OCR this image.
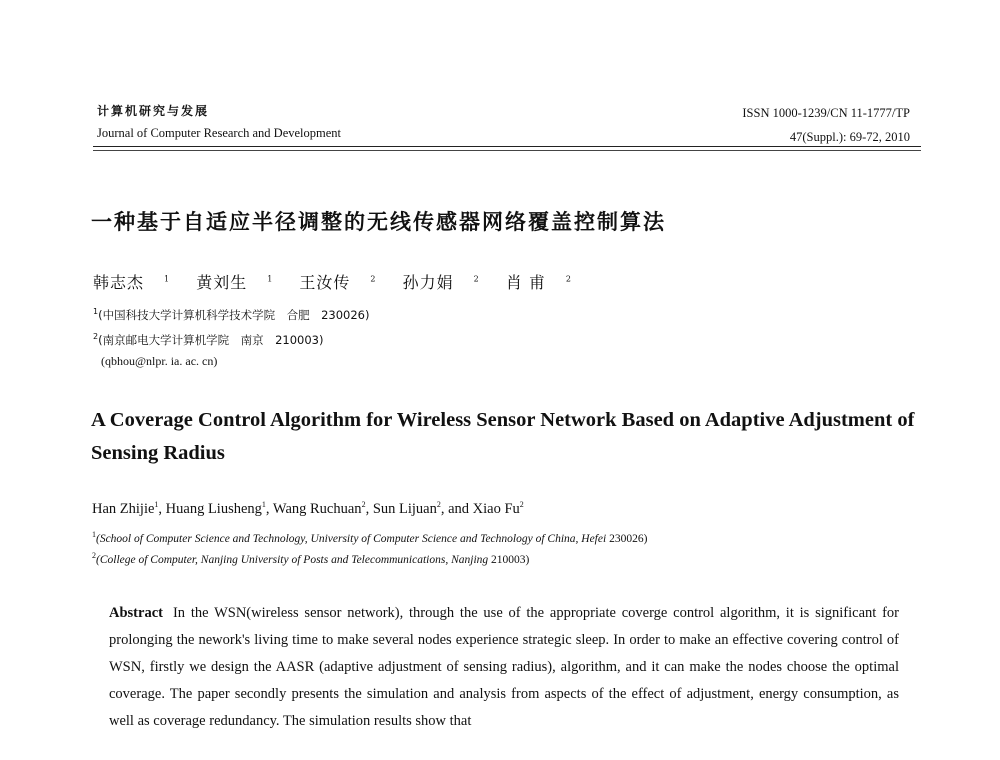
计算机研究与发展
Journal of Computer Research and Development
ISSN 1000-1239/CN 11-1777/TP
47(Suppl.): 69-72, 2010
一种基于自适应半径调整的无线传感器网络覆盖控制算法
韩志杰	$^1$ 黄刘生	$^1$ 王汝传	$^2$ 孙力娟	$^2$ 肖 甫	$^2$
$^1$(中国科技大学计算机科学技术学院　合肥　230026)
$^2$(南京邮电大学计算机学院　南京　210003)
(qbhou@nlpr. ia. ac. cn)
A Coverage Control Algorithm for Wireless Sensor Network Based on Adaptive Adjustment of Sensing Radius
Han Zhijie$^1$, Huang Liusheng$^1$, Wang Ruchuan$^2$, Sun Lijuan$^2$, and Xiao Fu$^2$
$^1$(School of Computer Science and Technology, University of Computer Science and Technology of China, Hefei 230026)
$^2$(College of Computer, Nanjing University of Posts and Telecommunications, Nanjing 210003)
Abstract In the WSN(wireless sensor network), through the use of the appropriate coverge control algorithm, it is significant for prolonging the nework's living time to make several nodes experience strategic sleep. In order to make an effective covering control of WSN, firstly we design the AASR (adaptive adjustment of sensing radius), algorithm, and it can make the nodes choose the optimal coverage. The paper secondly presents the simulation and analysis from aspects of the effect of adjustment, energy consumption, as well as coverage redundancy. The simulation results show that
